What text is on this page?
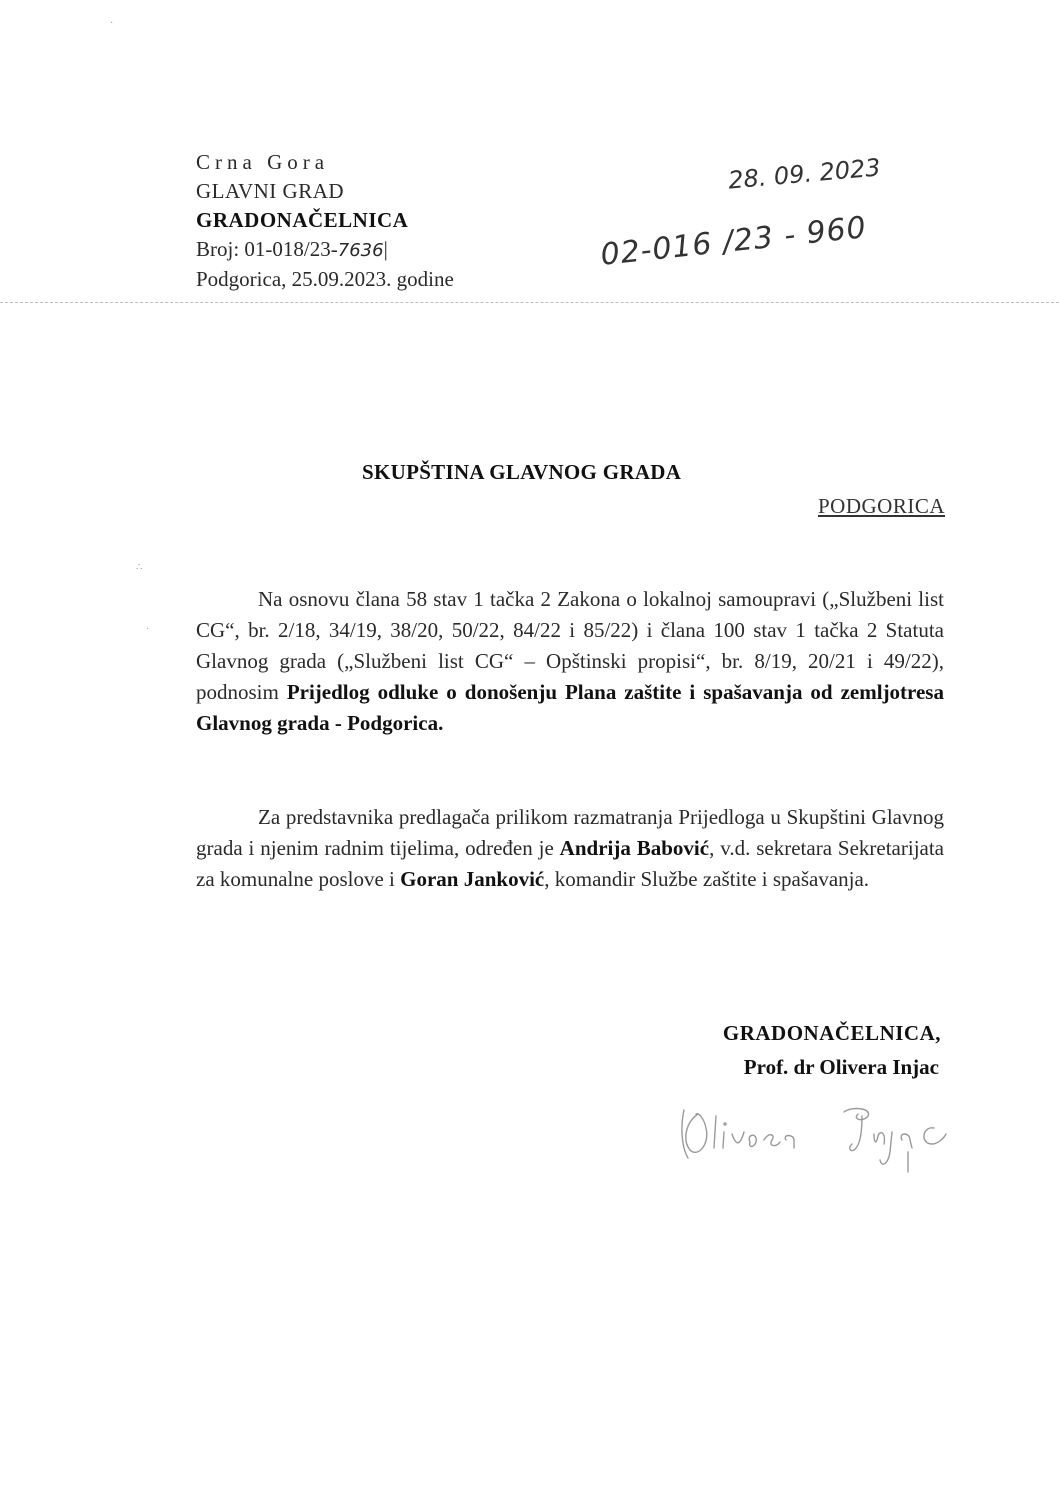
Crna Gora
GLAVNI GRAD
GRADONAČELNICA
Broj: 01-018/23-7636|
Podgorica, 25.09.2023. godine
28. 09. 2023
02-016 /23 - 960
SKUPŠTINA GLAVNOG GRADA
PODGORICA
∴
·
·

Na osnovu člana 58 stav 1 tačka 2 Zakona o lokalnoj samoupravi („Službeni list CG“, br. 2/18, 34/19, 38/20, 50/22, 84/22 i 85/22) i člana 100 stav 1 tačka 2 Statuta Glavnog grada („Službeni list CG“ – Opštinski propisi“, br. 8/19, 20/21 i 49/22), podnosim Prijedlog odluke o donošenju Plana zaštite i spašavanja od zemljotresa Glavnog grada - Podgorica.

Za predstavnika predlagača prilikom razmatranja Prijedloga u Skupštini Glavnog grada i njenim radnim tijelima, određen je Andrija Babović, v.d. sekretara Sekretarijata za komunalne poslove i Goran Janković, komandir Službe zaštite i spašavanja.

GRADONAČELNICA,
Prof. dr Olivera Injac
